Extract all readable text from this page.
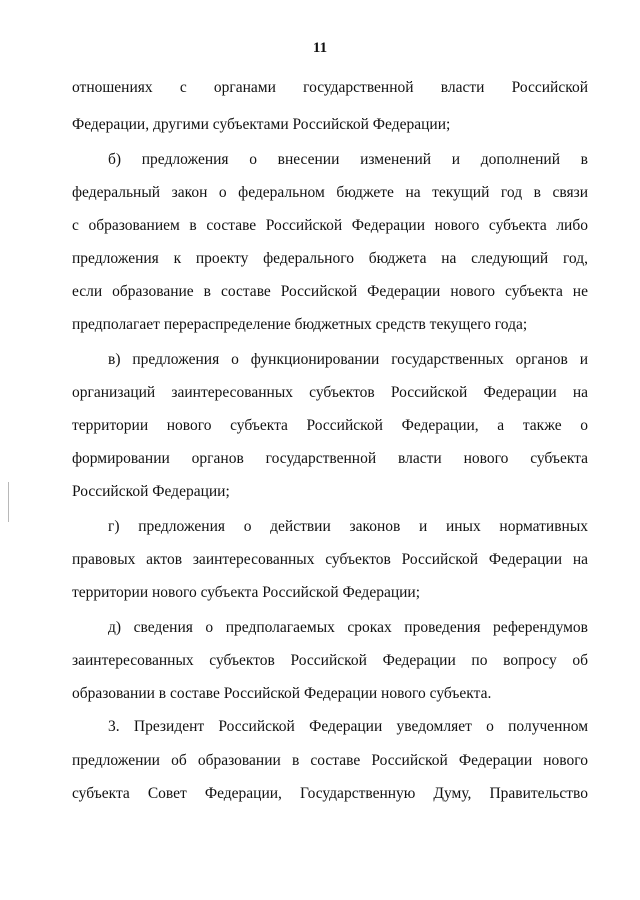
11
отношениях с органами государственной власти Российской
Федерации, другими субъектами Российской Федерации;
б) предложения о внесении изменений и дополнений в
федеральный закон о федеральном бюджете на текущий год в связи
с образованием в составе Российской Федерации нового субъекта либо
предложения к проекту федерального бюджета на следующий год,
если образование в составе Российской Федерации нового субъекта не
предполагает перераспределение бюджетных средств текущего года;
в) предложения о функционировании государственных органов и
организаций заинтересованных субъектов Российской Федерации на
территории нового субъекта Российской Федерации, а также о
формировании органов государственной власти нового субъекта
Российской Федерации;
г) предложения о действии законов и иных нормативных
правовых актов заинтересованных субъектов Российской Федерации на
территории нового субъекта Российской Федерации;
д) сведения о предполагаемых сроках проведения референдумов
заинтересованных субъектов Российской Федерации по вопросу об
образовании в составе Российской Федерации нового субъекта.
3. Президент Российской Федерации уведомляет о полученном
предложении об образовании в составе Российской Федерации нового
субъекта Совет Федерации, Государственную Думу, Правительство
